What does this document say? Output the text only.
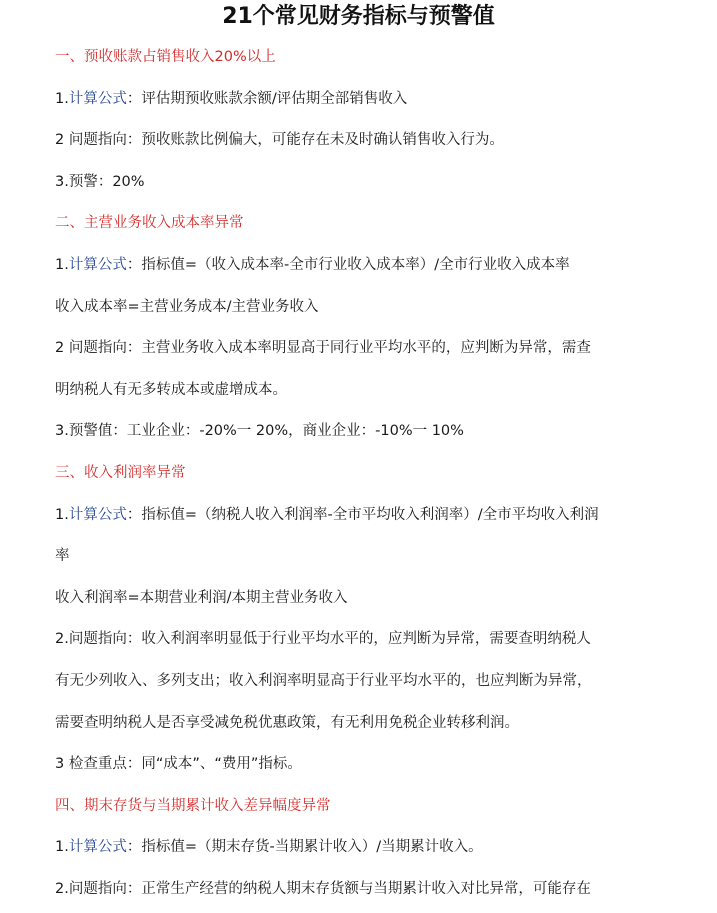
21个常见财务指标与预警值
一、预收账款占销售收入20%以上
1.计算公式：评估期预收账款余额/评估期全部销售收入
2 问题指向：预收账款比例偏大，可能存在未及时确认销售收入行为。
3.预警：20%
二、主营业务收入成本率异常
1.计算公式：指标值=（收入成本率-全市行业收入成本率）/全市行业收入成本率
收入成本率=主营业务成本/主营业务收入
2 问题指向：主营业务收入成本率明显高于同行业平均水平的，应判断为异常，需查
明纳税人有无多转成本或虚增成本。
3.预警值：工业企业：-20%一 20%，商业企业：-10%一 10%
三、收入利润率异常
1.计算公式：指标值=（纳税人收入利润率-全市平均收入利润率）/全市平均收入利润
率
收入利润率=本期营业利润/本期主营业务收入
2.问题指向：收入利润率明显低于行业平均水平的，应判断为异常，需要查明纳税人
有无少列收入、多列支出；收入利润率明显高于行业平均水平的，也应判断为异常，
需要查明纳税人是否享受减免税优惠政策，有无利用免税企业转移利润。
3 检查重点：同“成本”、“费用”指标。
四、期末存货与当期累计收入差异幅度异常
1.计算公式：指标值=（期末存货-当期累计收入）/当期累计收入。
2.问题指向：正常生产经营的纳税人期末存货额与当期累计收入对比异常，可能存在
